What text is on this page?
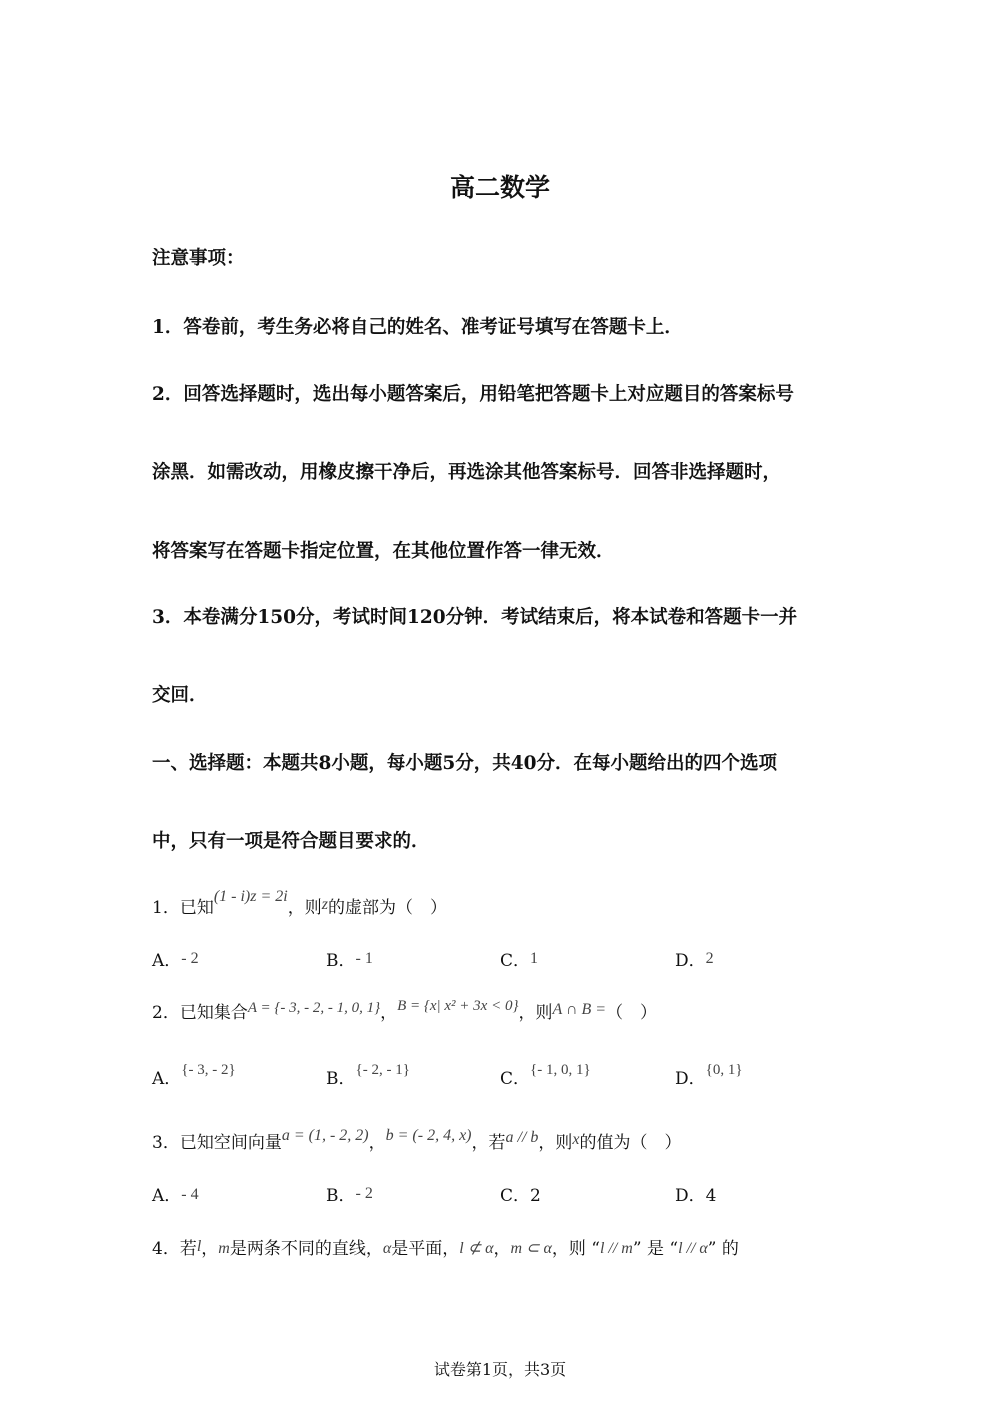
高二数学
注意事项：
1．答卷前，考生务必将自己的姓名、准考证号填写在答题卡上．
2．回答选择题时，选出每小题答案后，用铅笔把答题卡上对应题目的答案标号
涂黑．如需改动，用橡皮擦干净后，再选涂其他答案标号．回答非选择题时，
将答案写在答题卡指定位置，在其他位置作答一律无效．
3．本卷满分150分，考试时间120分钟．考试结束后，将本试卷和答题卡一并
交回．
一、选择题：本题共8小题，每小题5分，共40分．在每小题给出的四个选项
中，只有一项是符合题目要求的．
1．已知(1 - i)z = 2i，则z的虚部为（　）
A．- 2	B．- 1	C．1	D．2
2．已知集合A = {- 3, - 2, - 1, 0, 1}，B = {x| x² + 3x < 0}，则A ∩ B =（　）
A．{- 3, - 2}	B．{- 2, - 1}	C．{- 1, 0, 1}	D．{0, 1}
3．已知空间向量a = (1, - 2, 2)，b = (- 2, 4, x)，若a // b，则x的值为（　）
A．- 4	B．- 2	C．2	D．4
4．若l，m是两条不同的直线，α是平面，l ⊄ α，m ⊂ α，则 “l // m” 是 “l // α” 的
试卷第1页，共3页
